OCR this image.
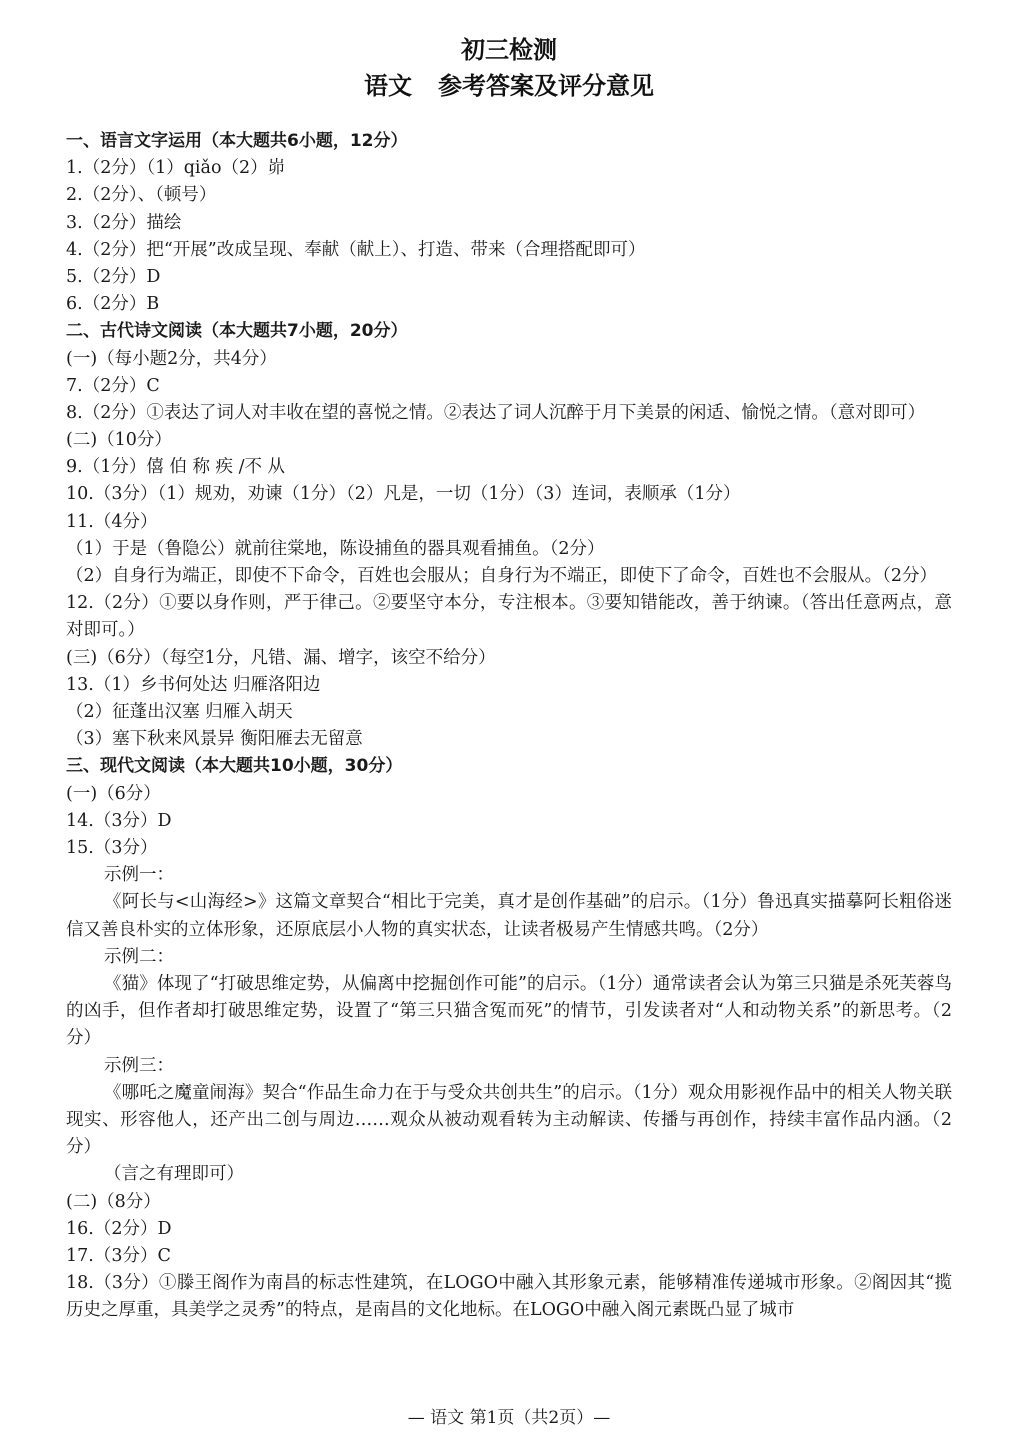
初三检测
语文 参考答案及评分意见
一、语言文字运用（本大题共6小题，12分）
1.（2分）（1）qiǎo（2）峁
2.（2分）、（顿号）
3.（2分）描绘
4.（2分）把“开展”改成呈现、奉献（献上）、打造、带来（合理搭配即可）
5.（2分）D
6.（2分）B
二、古代诗文阅读（本大题共7小题，20分）
(一)（每小题2分，共4分）
7.（2分）C
8.（2分）①表达了词人对丰收在望的喜悦之情。②表达了词人沉醉于月下美景的闲适、愉悦之情。（意对即可）
(二)（10分）
9.（1分）僖 伯 称 疾 /不 从
10.（3分）（1）规劝，劝谏（1分）（2）凡是，一切（1分）（3）连词，表顺承（1分）
11.（4分）
（1）于是（鲁隐公）就前往棠地，陈设捕鱼的器具观看捕鱼。（2分）
（2）自身行为端正，即使不下命令，百姓也会服从；自身行为不端正，即使下了命令，百姓也不会服从。（2分）
12.（2分）①要以身作则，严于律己。②要坚守本分，专注根本。③要知错能改，善于纳谏。（答出任意两点，意对即可。）
(三)（6分）（每空1分，凡错、漏、增字，该空不给分）
13.（1）乡书何处达 归雁洛阳边
（2）征蓬出汉塞 归雁入胡天
（3）塞下秋来风景异 衡阳雁去无留意
三、现代文阅读（本大题共10小题，30分）
(一)（6分）
14.（3分）D
15.（3分）
示例一：
《阿长与<山海经>》这篇文章契合“相比于完美，真才是创作基础”的启示。（1分）鲁迅真实描摹阿长粗俗迷信又善良朴实的立体形象，还原底层小人物的真实状态，让读者极易产生情感共鸣。（2分）
示例二：
《猫》体现了“打破思维定势，从偏离中挖掘创作可能”的启示。（1分）通常读者会认为第三只猫是杀死芙蓉鸟的凶手，但作者却打破思维定势，设置了“第三只猫含冤而死”的情节，引发读者对“人和动物关系”的新思考。（2分）
示例三：
《哪吒之魔童闹海》契合“作品生命力在于与受众共创共生”的启示。（1分）观众用影视作品中的相关人物关联现实、形容他人，还产出二创与周边……观众从被动观看转为主动解读、传播与再创作，持续丰富作品内涵。（2分）
（言之有理即可）
(二)（8分）
16.（2分）D
17.（3分）C
18.（3分）①滕王阁作为南昌的标志性建筑，在LOGO中融入其形象元素，能够精准传递城市形象。②阁因其“揽历史之厚重，具美学之灵秀”的特点，是南昌的文化地标。在LOGO中融入阁元素既凸显了城市
— 语文 第1页（共2页）—
